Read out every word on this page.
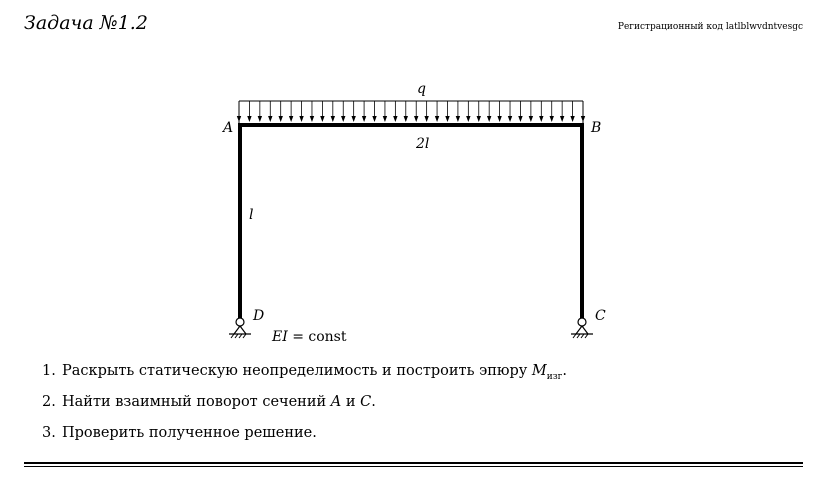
Задача №1.2	Регистрационный код latlblwvdntvesgc
q
2l
l
A	B
D	C
EI = const
1. Раскрыть статическую неопределимость и построить эпюру $M_{изг}$.
2. Найти взаимный поворот сечений A и C.
3. Проверить полученное решение.
